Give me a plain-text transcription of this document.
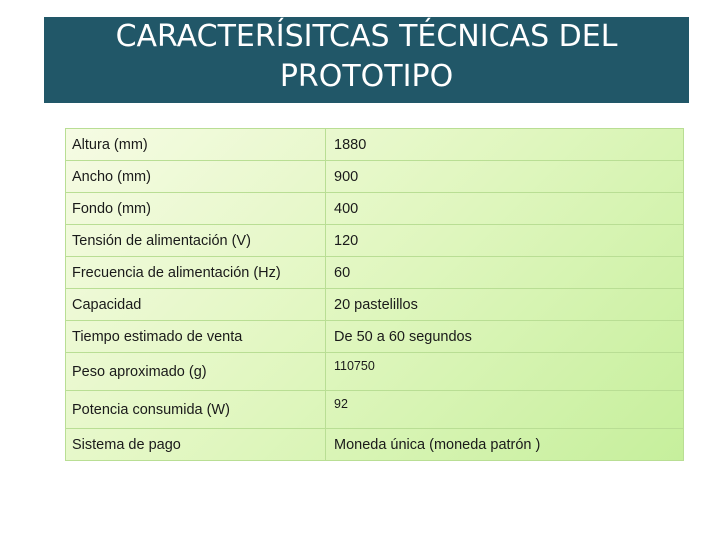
CARACTERÍSITCAS TÉCNICAS DEL
PROTOTIPO
Altura (mm)	1880
Ancho (mm)	900
Fondo (mm)	400
Tensión de alimentación (V)	120
Frecuencia de alimentación (Hz)	60
Capacidad	20 pastelillos
Tiempo estimado de venta	De 50 a 60 segundos
Peso aproximado (g)	110750
Potencia consumida (W)	92
Sistema de pago	Moneda única (moneda patrón )
